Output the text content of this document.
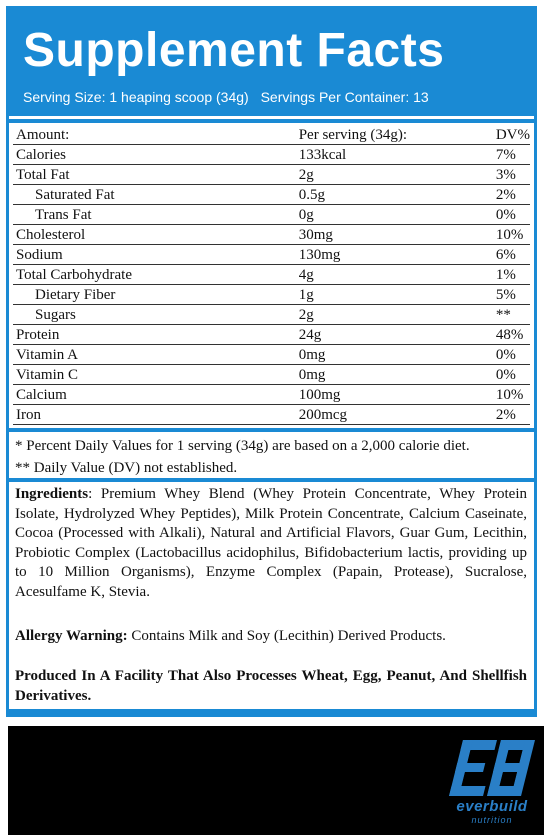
Supplement Facts
Serving Size: 1 heaping scoop (34g) Servings Per Container: 13
Amount:	Per serving (34g):	DV%
Calories	133kcal	7%
Total Fat	2g	3%
Saturated Fat	0.5g	2%
Trans Fat	0g	0%
Cholesterol	30mg	10%
Sodium	130mg	6%
Total Carbohydrate	4g	1%
Dietary Fiber	1g	5%
Sugars	2g	**
Protein	24g	48%
Vitamin A	0mg	0%
Vitamin C	0mg	0%
Calcium	100mg	10%
Iron	200mcg	2%
* Percent Daily Values for 1 serving (34g) are based on a 2,000 calorie diet.
** Daily Value (DV) not established.
Ingredients: Premium Whey Blend (Whey Protein Concentrate, Whey Protein Isolate, Hydrolyzed Whey Peptides), Milk Protein Concentrate, Calcium Caseinate, Cocoa (Processed with Alkali), Natural and Artificial Flavors, Guar Gum, Lecithin, Probiotic Complex (Lactobacillus acidophilus, Bifidobacterium lactis, providing up to 10 Million Organisms), Enzyme Complex (Papain, Protease), Sucralose, Acesulfame K, Stevia.
Allergy Warning: Contains Milk and Soy (Lecithin) Derived Products.
Produced In A Facility That Also Processes Wheat, Egg, Peanut, And Shellfish Derivatives.
everbuild
nutrition
